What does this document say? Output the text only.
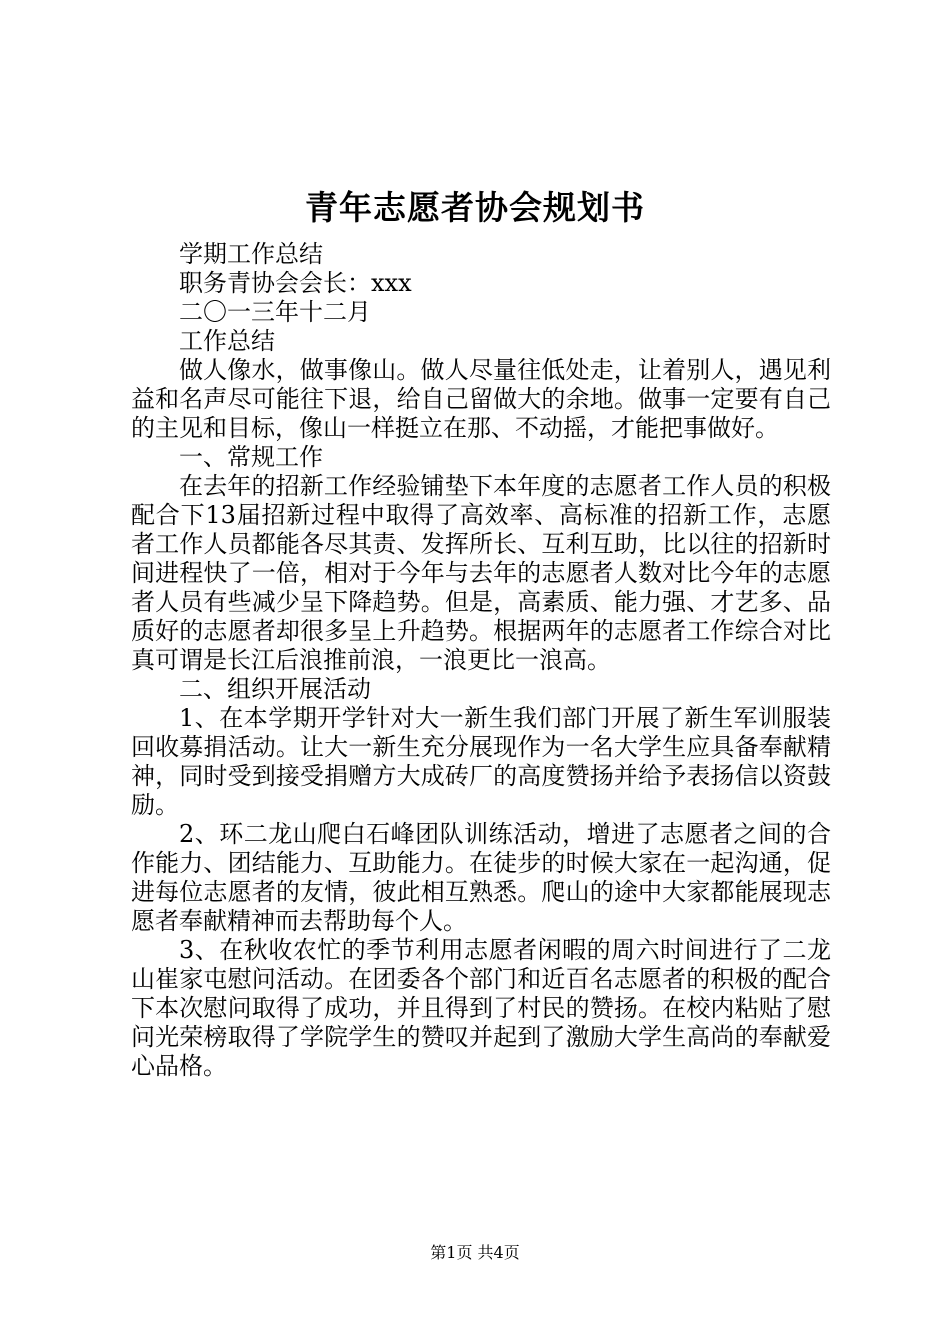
青年志愿者协会规划书

学期工作总结

职务青协会会长：xxx

二〇一三年十二月

工作总结

做人像水，做事像山。做人尽量往低处走，让着别人，遇见利益和名声尽可能往下退，给自己留做大的余地。做事一定要有自己的主见和目标，像山一样挺立在那、不动摇，才能把事做好。

一、常规工作

在去年的招新工作经验铺垫下本年度的志愿者工作人员的积极配合下13届招新过程中取得了高效率、高标准的招新工作，志愿者工作人员都能各尽其责、发挥所长、互利互助，比以往的招新时间进程快了一倍，相对于今年与去年的志愿者人数对比今年的志愿者人员有些减少呈下降趋势。但是，高素质、能力强、才艺多、品质好的志愿者却很多呈上升趋势。根据两年的志愿者工作综合对比真可谓是长江后浪推前浪，一浪更比一浪高。

二、组织开展活动

1、在本学期开学针对大一新生我们部门开展了新生军训服装回收募捐活动。让大一新生充分展现作为一名大学生应具备奉献精神，同时受到接受捐赠方大成砖厂的高度赞扬并给予表扬信以资鼓励。

2、环二龙山爬白石峰团队训练活动，增进了志愿者之间的合作能力、团结能力、互助能力。在徒步的时候大家在一起沟通，促进每位志愿者的友情，彼此相互熟悉。爬山的途中大家都能展现志愿者奉献精神而去帮助每个人。

3、在秋收农忙的季节利用志愿者闲暇的周六时间进行了二龙山崔家屯慰问活动。在团委各个部门和近百名志愿者的积极的配合下本次慰问取得了成功，并且得到了村民的赞扬。在校内粘贴了慰问光荣榜取得了学院学生的赞叹并起到了激励大学生高尚的奉献爱心品格。

第1页 共4页
